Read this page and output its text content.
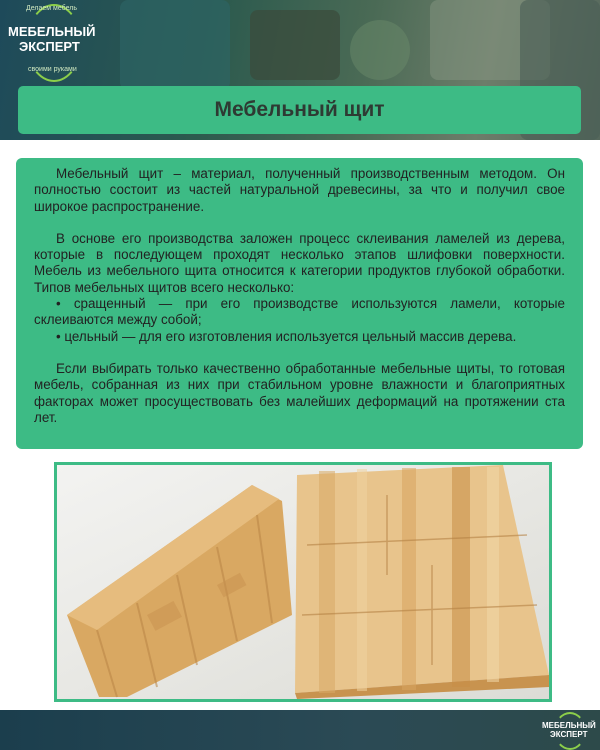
Делаем мебель
МЕБЕЛЬНЫЙ
ЭКСПЕРТ
своими руками
Мебельный щит

Мебельный щит – материал, полученный производственным методом. Он полностью состоит из частей натуральной древесины, за что и получил свое широкое распространение.

В основе его производства заложен процесс склеивания ламелей из дерева, которые в последующем проходят несколько этапов шлифовки поверхности. Мебель из мебельного щита относится к категории продуктов глубокой обработки. Типов мебельных щитов всего несколько:

• сращенный — при его производстве используются ламели, которые склеиваются между собой;

• цельный — для его изготовления используется цельный массив дерева.

Если выбирать только качественно обработанные мебельные щиты, то готовая мебель, собранная из них при стабильном уровне влажности и благоприятных факторах может просуществовать без малейших деформаций на протяжении ста лет.

МЕБЕЛЬНЫЙ
ЭКСПЕРТ
